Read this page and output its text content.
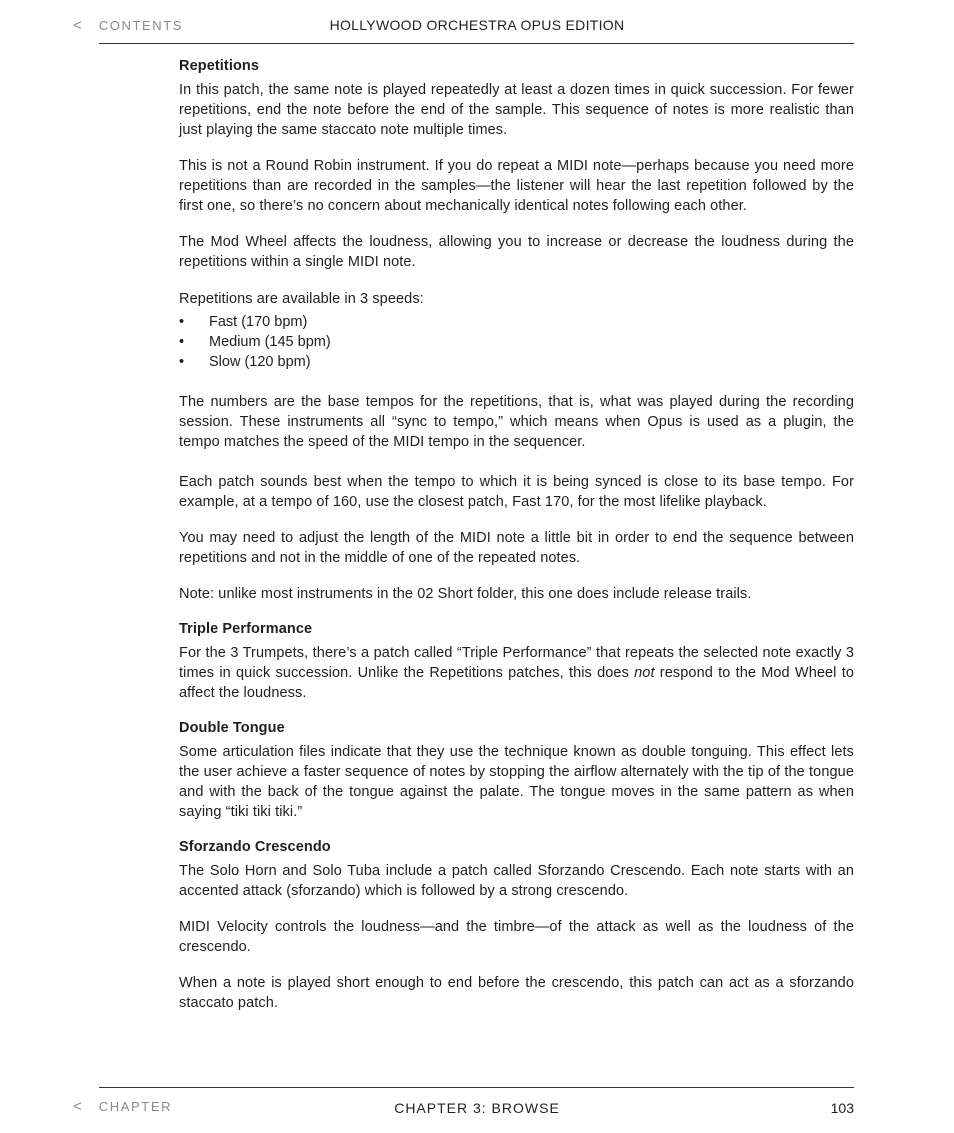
< CONTENTS	HOLLYWOOD ORCHESTRA OPUS EDITION
Repetitions

In this patch, the same note is played repeatedly at least a dozen times in quick succession. For fewer repetitions, end the note before the end of the sample. This sequence of notes is more realistic than just playing the same staccato note multiple times.

This is not a Round Robin instrument. If you do repeat a MIDI note—perhaps because you need more repetitions than are recorded in the samples—the listener will hear the last repetition followed by the first one, so there’s no concern about mechanically identical notes following each other.

The Mod Wheel affects the loudness, allowing you to increase or decrease the loudness during the repetitions within a single MIDI note.

Repetitions are available in 3 speeds:

• Fast (170 bpm)
• Medium (145 bpm)
• Slow (120 bpm)

The numbers are the base tempos for the repetitions, that is, what was played during the recording session. These instruments all “sync to tempo,” which means when Opus is used as a plugin, the tempo matches the speed of the MIDI tempo in the sequencer.

Each patch sounds best when the tempo to which it is being synced is close to its base tempo. For example, at a tempo of 160, use the closest patch, Fast 170, for the most lifelike playback.

You may need to adjust the length of the MIDI note a little bit in order to end the sequence between repetitions and not in the middle of one of the repeated notes.

Note: unlike most instruments in the 02 Short folder, this one does include release trails.

Triple Performance

For the 3 Trumpets, there’s a patch called “Triple Performance” that repeats the selected note exactly 3 times in quick succession. Unlike the Repetitions patches, this does not respond to the Mod Wheel to affect the loudness.

Double Tongue

Some articulation files indicate that they use the technique known as double tonguing. This effect lets the user achieve a faster sequence of notes by stopping the airflow alternately with the tip of the tongue and with the back of the tongue against the palate. The tongue moves in the same pattern as when saying “tiki tiki tiki.”

Sforzando Crescendo

The Solo Horn and Solo Tuba include a patch called Sforzando Crescendo. Each note starts with an accented attack (sforzando) which is followed by a strong crescendo.

MIDI Velocity controls the loudness—and the timbre—of the attack as well as the loudness of the crescendo.

When a note is played short enough to end before the crescendo, this patch can act as a sforzando staccato patch.

< CHAPTER	CHAPTER 3: BROWSE	103
